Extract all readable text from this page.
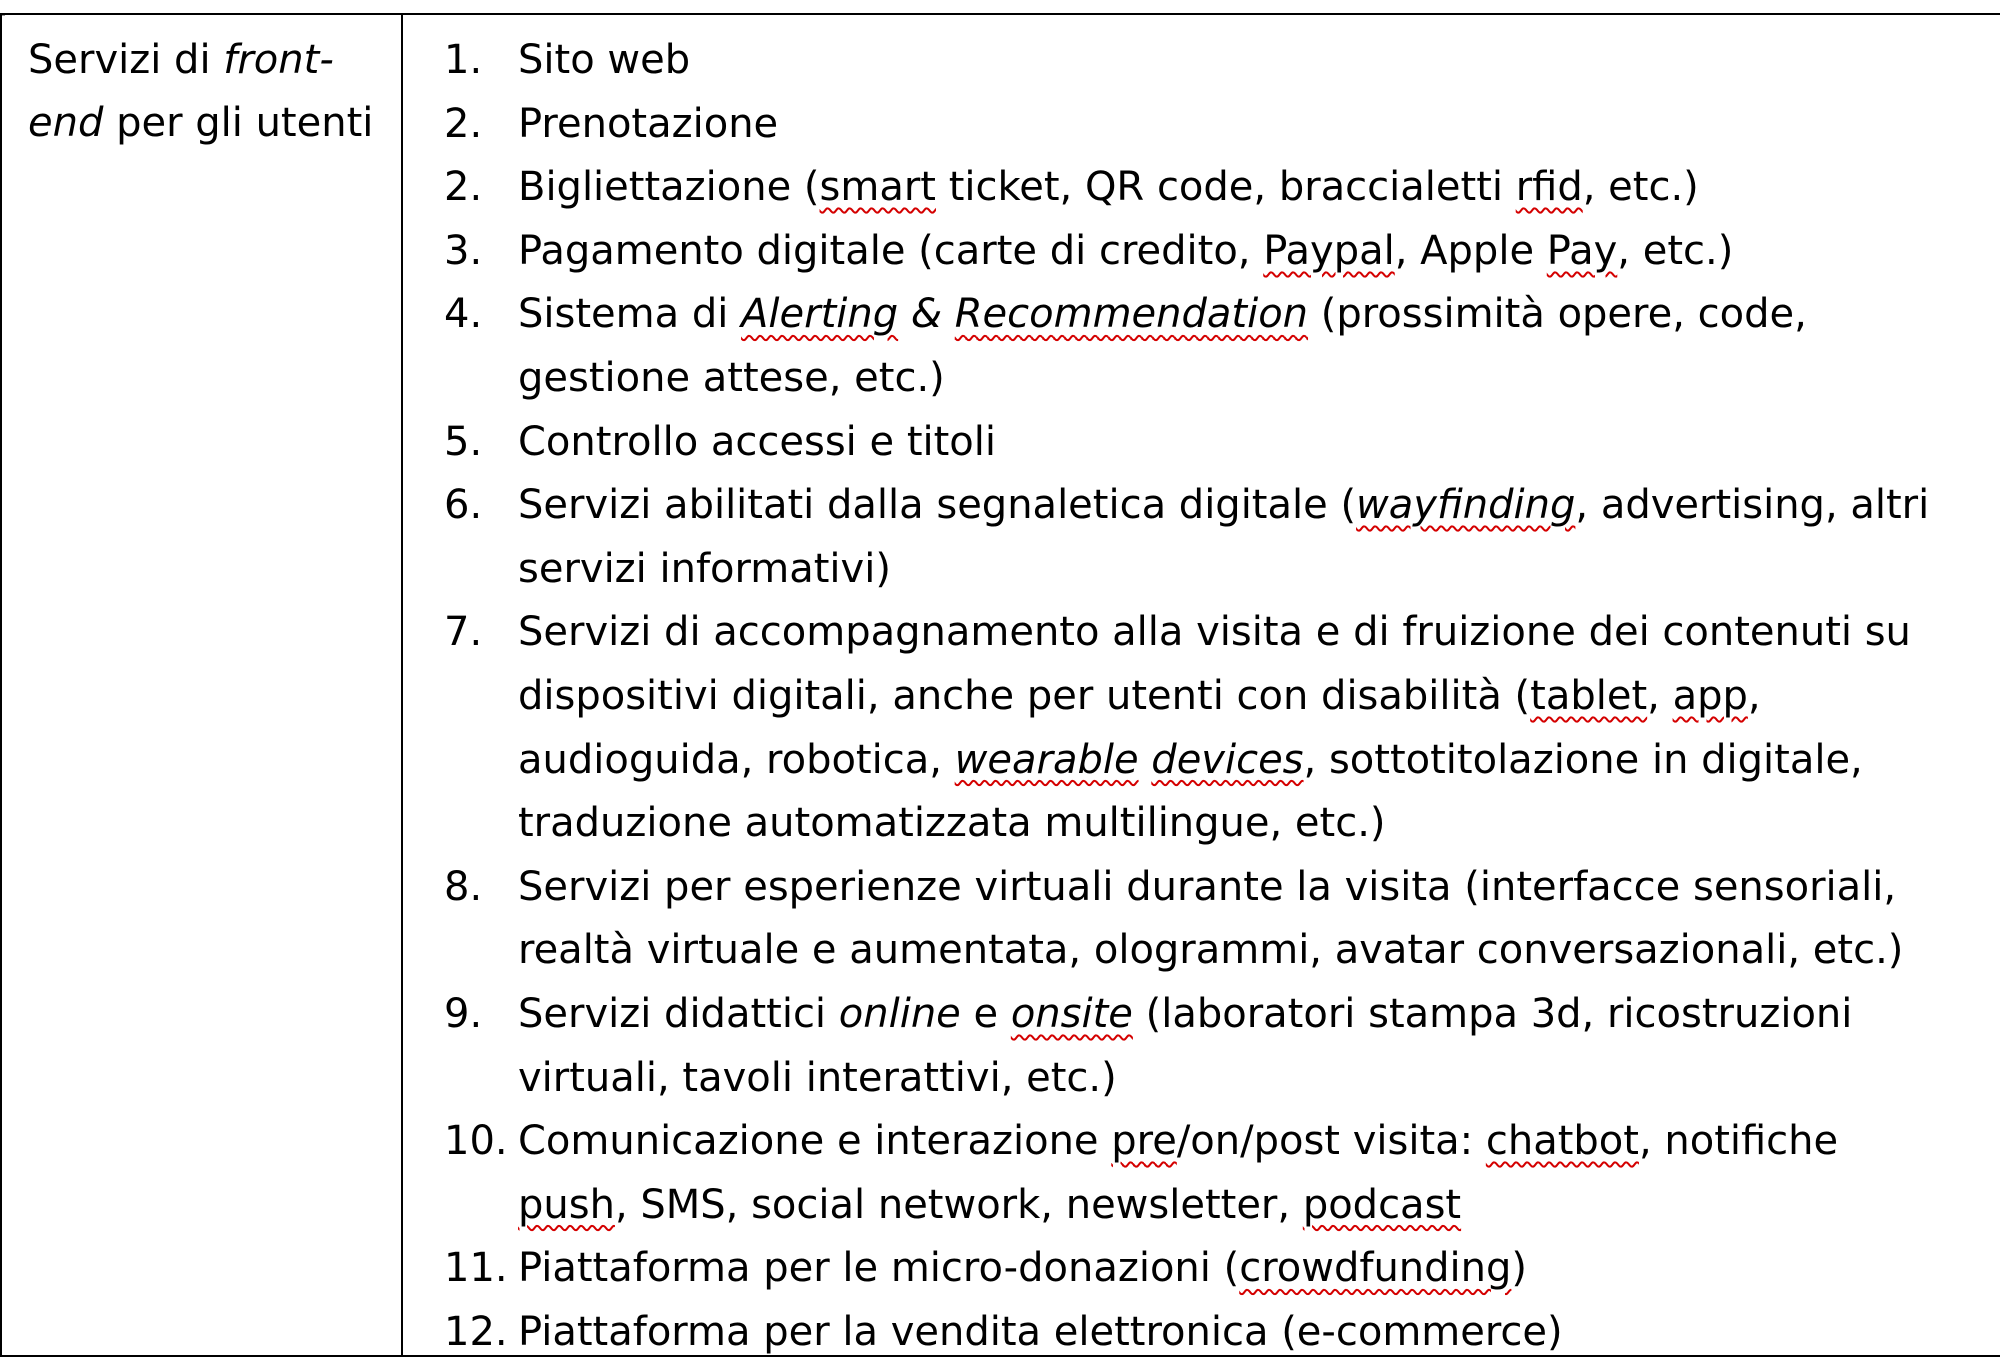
Servizi di front-
end per gli utenti
1. Sito web
2. Prenotazione
2. Bigliettazione (smart ticket, QR code, braccialetti rfid, etc.)
3. Pagamento digitale (carte di credito, Paypal, Apple Pay, etc.)
4. Sistema di Alerting & Recommendation (prossimità opere, code,
gestione attese, etc.)
5. Controllo accessi e titoli
6. Servizi abilitati dalla segnaletica digitale (wayfinding, advertising, altri
servizi informativi)
7. Servizi di accompagnamento alla visita e di fruizione dei contenuti su
dispositivi digitali, anche per utenti con disabilità (tablet, app,
audioguida, robotica, wearable devices, sottotitolazione in digitale,
traduzione automatizzata multilingue, etc.)
8. Servizi per esperienze virtuali durante la visita (interfacce sensoriali,
realtà virtuale e aumentata, ologrammi, avatar conversazionali, etc.)
9. Servizi didattici online e onsite (laboratori stampa 3d, ricostruzioni
virtuali, tavoli interattivi, etc.)
10. Comunicazione e interazione pre/on/post visita: chatbot, notifiche
push, SMS, social network, newsletter, podcast
11. Piattaforma per le micro-donazioni (crowdfunding)
12. Piattaforma per la vendita elettronica (e-commerce)
